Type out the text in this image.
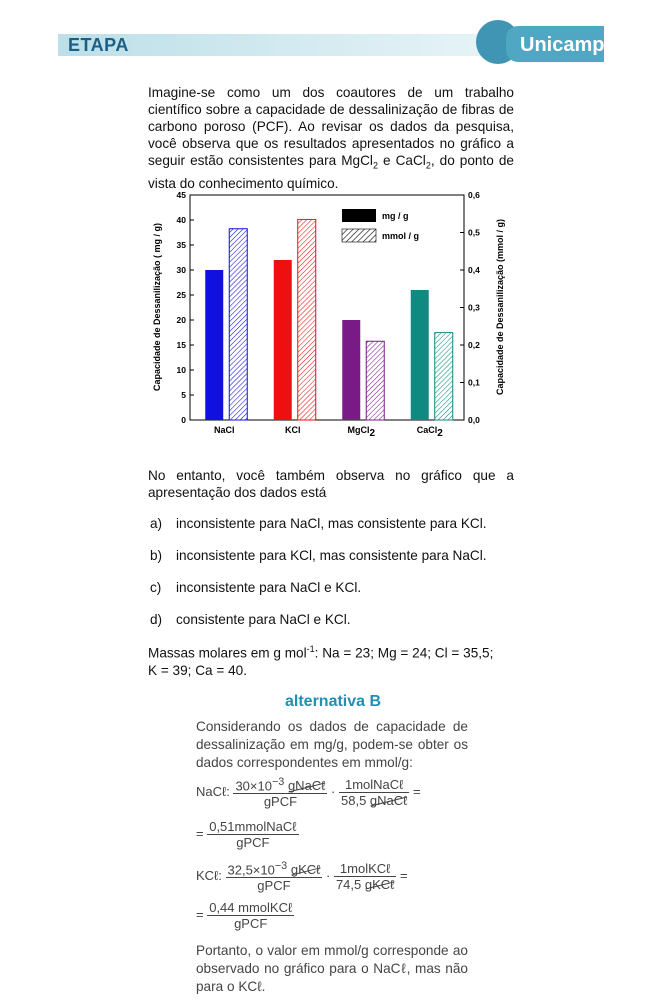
ETAPA	Unicamp
Imagine-se como um dos coautores de um trabalho científico sobre a capacidade de dessalinização de fibras de carbono poroso (PCF). Ao revisar os dados da pesquisa, você observa que os resultados apresentados no gráfico a seguir estão consistentes para MgCl$_2$ e CaCl$_2$, do ponto de vista do conhecimento químico.
0
5
10
15
20
25
30
35
40
45
0,0
0,1
0,2
0,3
0,4
0,5
0,6
NaCl	KCl	MgCl2	CaCl2
Capacidade de Dessanilização ( mg / g)	Capacidade de Dessanilização (mmol / g)
mg / g
mmol / g
No entanto, você também observa no gráfico que a apresentação dos dados está
a) inconsistente para NaCl, mas consistente para KCl.
b) inconsistente para KCl, mas consistente para NaCl.
c) inconsistente para NaCl e KCl.
d) consistente para NaCl e KCl.
Massas molares em g mol$^{-1}$: Na = 23; Mg = 24; Cl = 35,5;
K = 39; Ca = 40.
alternativa B
Considerando os dados de capacidade de dessalinização em mg/g, podem-se obter os dados correspondentes em mmol/g:
NaCℓ: $\frac{30\times 10^{-3} gNaC\ell}{\text{gPCF}} \cdot \frac{\text{1molNaCℓ}}{\text{58,5 gNaCℓ}}$ =
= $\frac{\text{0,51mmolNaCℓ}}{\text{gPCF}}$
KCℓ: $\frac{32,5\times 10^{-3} gKC\ell}{\text{gPCF}} \cdot \frac{\text{1molKCℓ}}{\text{74,5 gKCℓ}}$ =
= $\frac{\text{0,44 mmolKCℓ}}{\text{gPCF}}$
Portanto, o valor em mmol/g corresponde ao observado no gráfico para o NaCℓ, mas não para o KCℓ.
